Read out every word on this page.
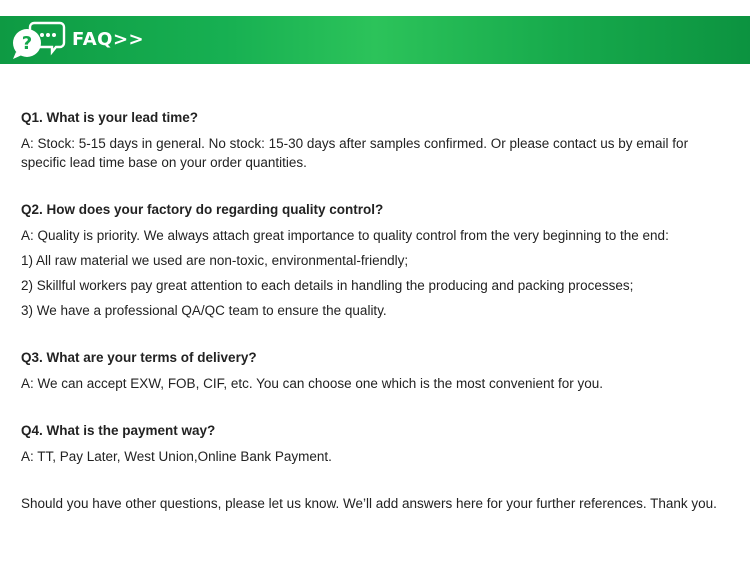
? FAQ>>
Q1. What is your lead time?
A: Stock: 5-15 days in general. No stock: 15-30 days after samples confirmed. Or please contact us by email for specific lead time base on your order quantities.
Q2. How does your factory do regarding quality control?
A: Quality is priority. We always attach great importance to quality control from the very beginning to the end:
1) All raw material we used are non-toxic, environmental-friendly;
2) Skillful workers pay great attention to each details in handling the producing and packing processes;
3) We have a professional QA/QC team to ensure the quality.
Q3. What are your terms of delivery?
A: We can accept EXW, FOB, CIF, etc. You can choose one which is the most convenient for you.
Q4. What is the payment way?
A: TT, Pay Later, West Union,Online Bank Payment.
Should you have other questions, please let us know. We’ll add answers here for your further references. Thank you.
